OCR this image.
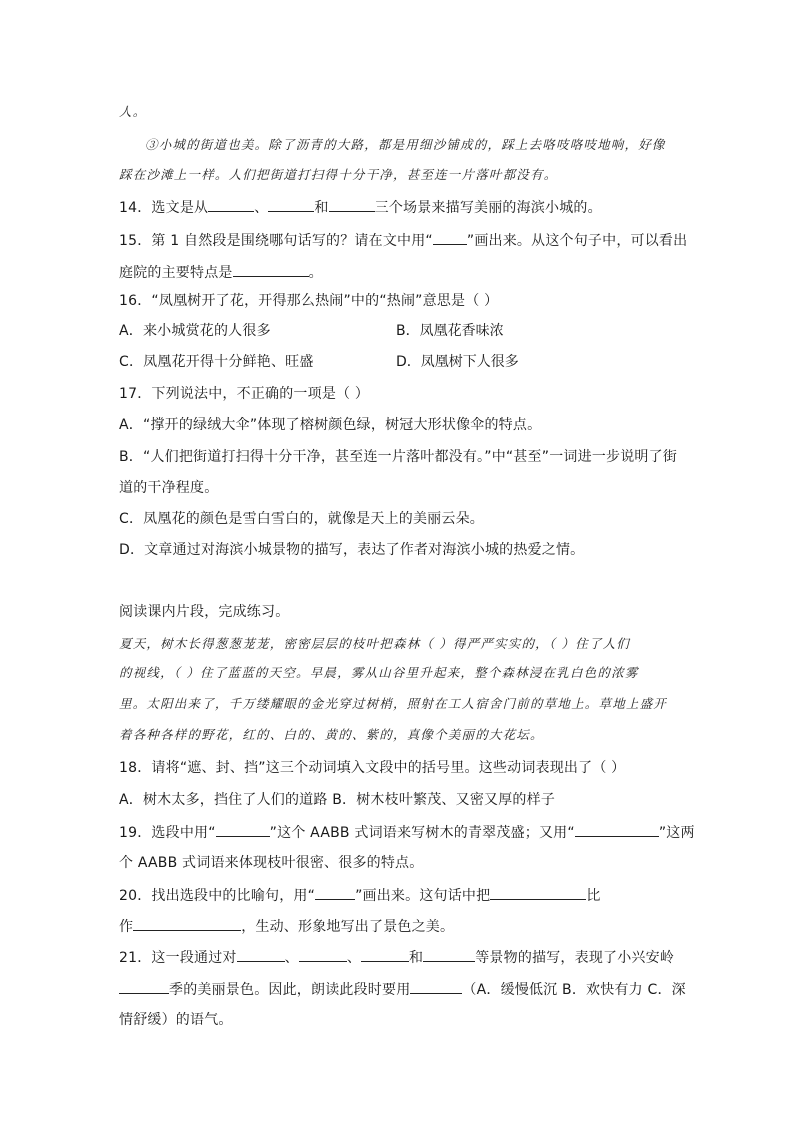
人。
③小城的街道也美。除了沥青的大路，都是用细沙铺成的，踩上去咯吱咯吱地响，好像
踩在沙滩上一样。人们把街道打扫得十分干净，甚至连一片落叶都没有。
14．选文是从	、	和	三个场景来描写美丽的海滨小城的。
15．第 1 自然段是围绕哪句话写的？请在文中用“ ”画出来。从这个句子中，可以看出
庭院的主要特点是	。
16．“凤凰树开了花，开得那么热闹”中的“热闹”意思是（ ）
A．来小城赏花的人很多	B．凤凰花香味浓
C．凤凰花开得十分鲜艳、旺盛	D．凤凰树下人很多
17．下列说法中，不正确的一项是（ ）
A．“撑开的绿绒大伞”体现了榕树颜色绿，树冠大形状像伞的特点。
B．“人们把街道打扫得十分干净，甚至连一片落叶都没有。”中“甚至”一词进一步说明了街
道的干净程度。
C．凤凰花的颜色是雪白雪白的，就像是天上的美丽云朵。
D．文章通过对海滨小城景物的描写，表达了作者对海滨小城的热爱之情。
阅读课内片段，完成练习。
夏天，树木长得葱葱茏茏，密密层层的枝叶把森林（ ）得严严实实的，（ ）住了人们
的视线，（ ）住了蓝蓝的天空。早晨，雾从山谷里升起来，整个森林浸在乳白色的浓雾
里。太阳出来了，千万缕耀眼的金光穿过树梢，照射在工人宿舍门前的草地上。草地上盛开
着各种各样的野花，红的、白的、黄的、紫的，真像个美丽的大花坛。
18．请将“遮、封、挡”这三个动词填入文段中的括号里。这些动词表现出了（ ）
A．树木太多，挡住了人们的道路 B．树木枝叶繁茂、又密又厚的样子
19．选段中用“	”这个 AABB 式词语来写树木的青翠茂盛；又用“	”这两
个 AABB 式词语来体现枝叶很密、很多的特点。
20．找出选段中的比喻句，用“	”画出来。这句话中把	比
作	，生动、形象地写出了景色之美。
21．这一段通过对	、	、	和	等景物的描写，表现了小兴安岭
季的美丽景色。因此，朗读此段时要用	（A．缓慢低沉 B．欢快有力 C．深
情舒缓）的语气。
